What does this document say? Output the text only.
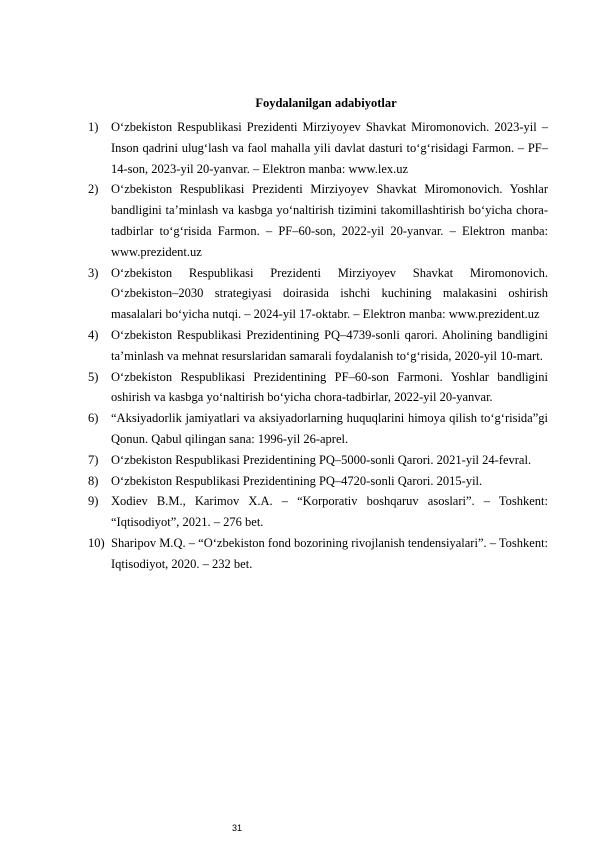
Foydalanilgan adabiyotlar
1)	O‘zbekiston Respublikasi Prezidenti Mirziyoyev Shavkat Miromonovich. 2023-yil – Inson qadrini ulug‘lash va faol mahalla yili davlat dasturi to‘g‘risidagi Farmon. – PF–14-son, 2023-yil 20-yanvar. – Elektron manba: www.lex.uz
2)	O‘zbekiston Respublikasi Prezidenti Mirziyoyev Shavkat Miromonovich. Yoshlar bandligini ta’minlash va kasbga yo‘naltirish tizimini takomillashtirish bo‘yicha chora-tadbirlar to‘g‘risida Farmon. – PF–60-son, 2022-yil 20-yanvar. – Elektron manba: www.prezident.uz
3)	O‘zbekiston Respublikasi Prezidenti Mirziyoyev Shavkat Miromonovich. O‘zbekiston–2030 strategiyasi doirasida ishchi kuchining malakasini oshirish masalalari bo‘yicha nutqi. – 2024-yil 17-oktabr. – Elektron manba: www.prezident.uz
4)	O‘zbekiston Respublikasi Prezidentining PQ–4739-sonli qarori. Aholining bandligini ta’minlash va mehnat resurslaridan samarali foydalanish to‘g‘risida, 2020-yil 10-mart.
5)	O‘zbekiston Respublikasi Prezidentining PF–60-son Farmoni. Yoshlar bandligini oshirish va kasbga yo‘naltirish bo‘yicha chora-tadbirlar, 2022-yil 20-yanvar.
6)	“Aksiyadorlik jamiyatlari va aksiyadorlarning huquqlarini himoya qilish to‘g‘risida”gi Qonun. Qabul qilingan sana: 1996-yil 26-aprel.
7)	O‘zbekiston Respublikasi Prezidentining PQ–5000-sonli Qarori. 2021-yil 24-fevral.
8)	O‘zbekiston Respublikasi Prezidentining PQ–4720-sonli Qarori. 2015-yil.
9)	Xodiev B.M., Karimov X.A. – “Korporativ boshqaruv asoslari”. – Toshkent: “Iqtisodiyot”, 2021. – 276 bet.
10) Sharipov M.Q. – “O‘zbekiston fond bozorining rivojlanish tendensiyalari”. – Toshkent: Iqtisodiyot, 2020. – 232 bet.
31
